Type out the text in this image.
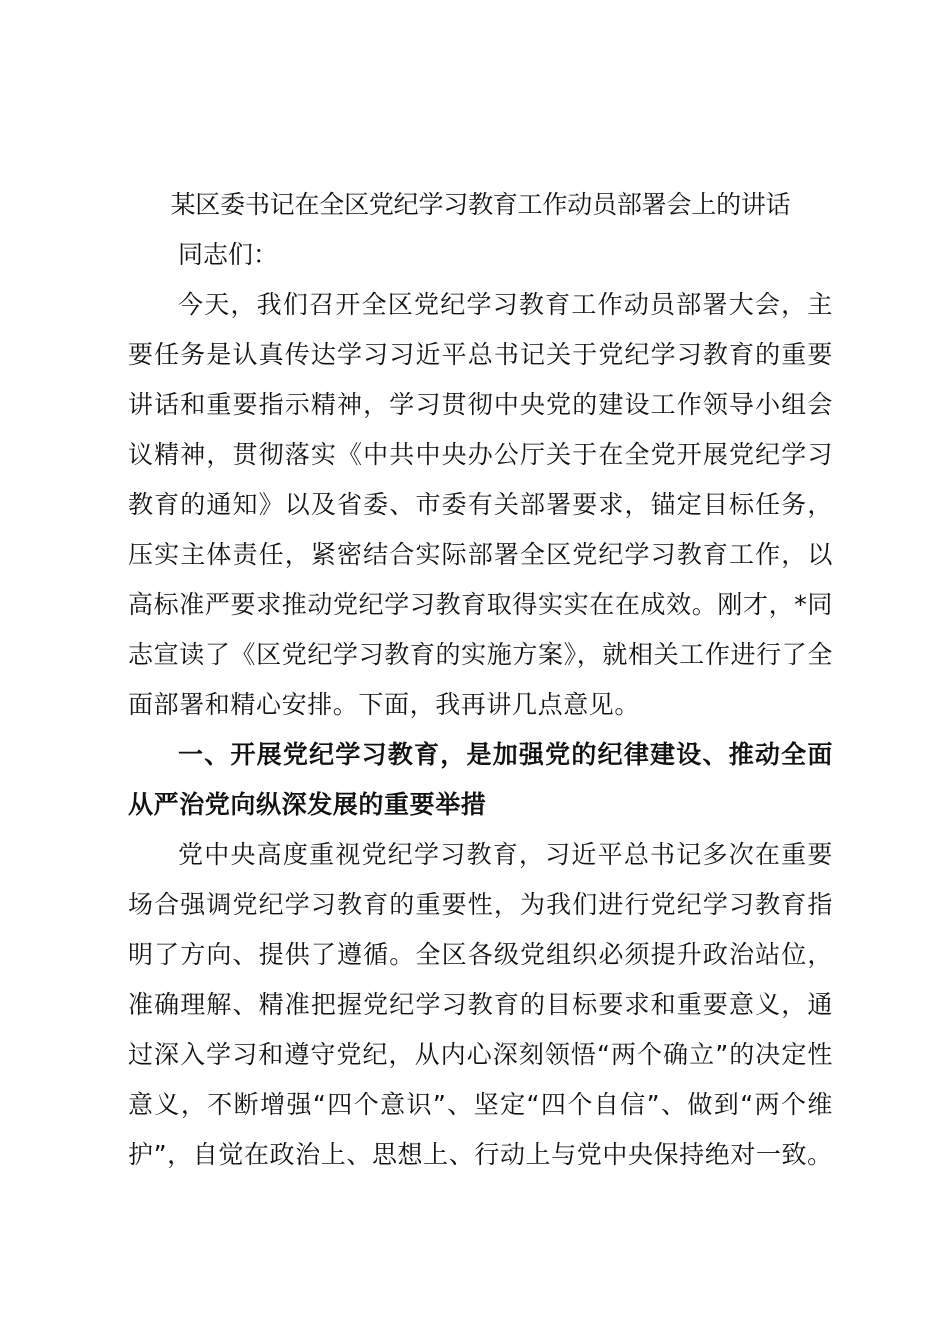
某区委书记在全区党纪学习教育工作动员部署会上的讲话

同志们：

今天，我们召开全区党纪学习教育工作动员部署大会，主要任务是认真传达学习习近平总书记关于党纪学习教育的重要讲话和重要指示精神，学习贯彻中央党的建设工作领导小组会议精神，贯彻落实《中共中央办公厅关于在全党开展党纪学习教育的通知》以及省委、市委有关部署要求，锚定目标任务，压实主体责任，紧密结合实际部署全区党纪学习教育工作，以高标准严要求推动党纪学习教育取得实实在在成效。刚才，*同志宣读了《区党纪学习教育的实施方案》，就相关工作进行了全面部署和精心安排。下面，我再讲几点意见。

一、开展党纪学习教育，是加强党的纪律建设、推动全面从严治党向纵深发展的重要举措

党中央高度重视党纪学习教育，习近平总书记多次在重要场合强调党纪学习教育的重要性，为我们进行党纪学习教育指明了方向、提供了遵循。全区各级党组织必须提升政治站位，准确理解、精准把握党纪学习教育的目标要求和重要意义，通过深入学习和遵守党纪，从内心深刻领悟“两个确立”的决定性意义，不断增强“四个意识”、坚定“四个自信”、做到“两个维护”，自觉在政治上、思想上、行动上与党中央保持绝对一致。
